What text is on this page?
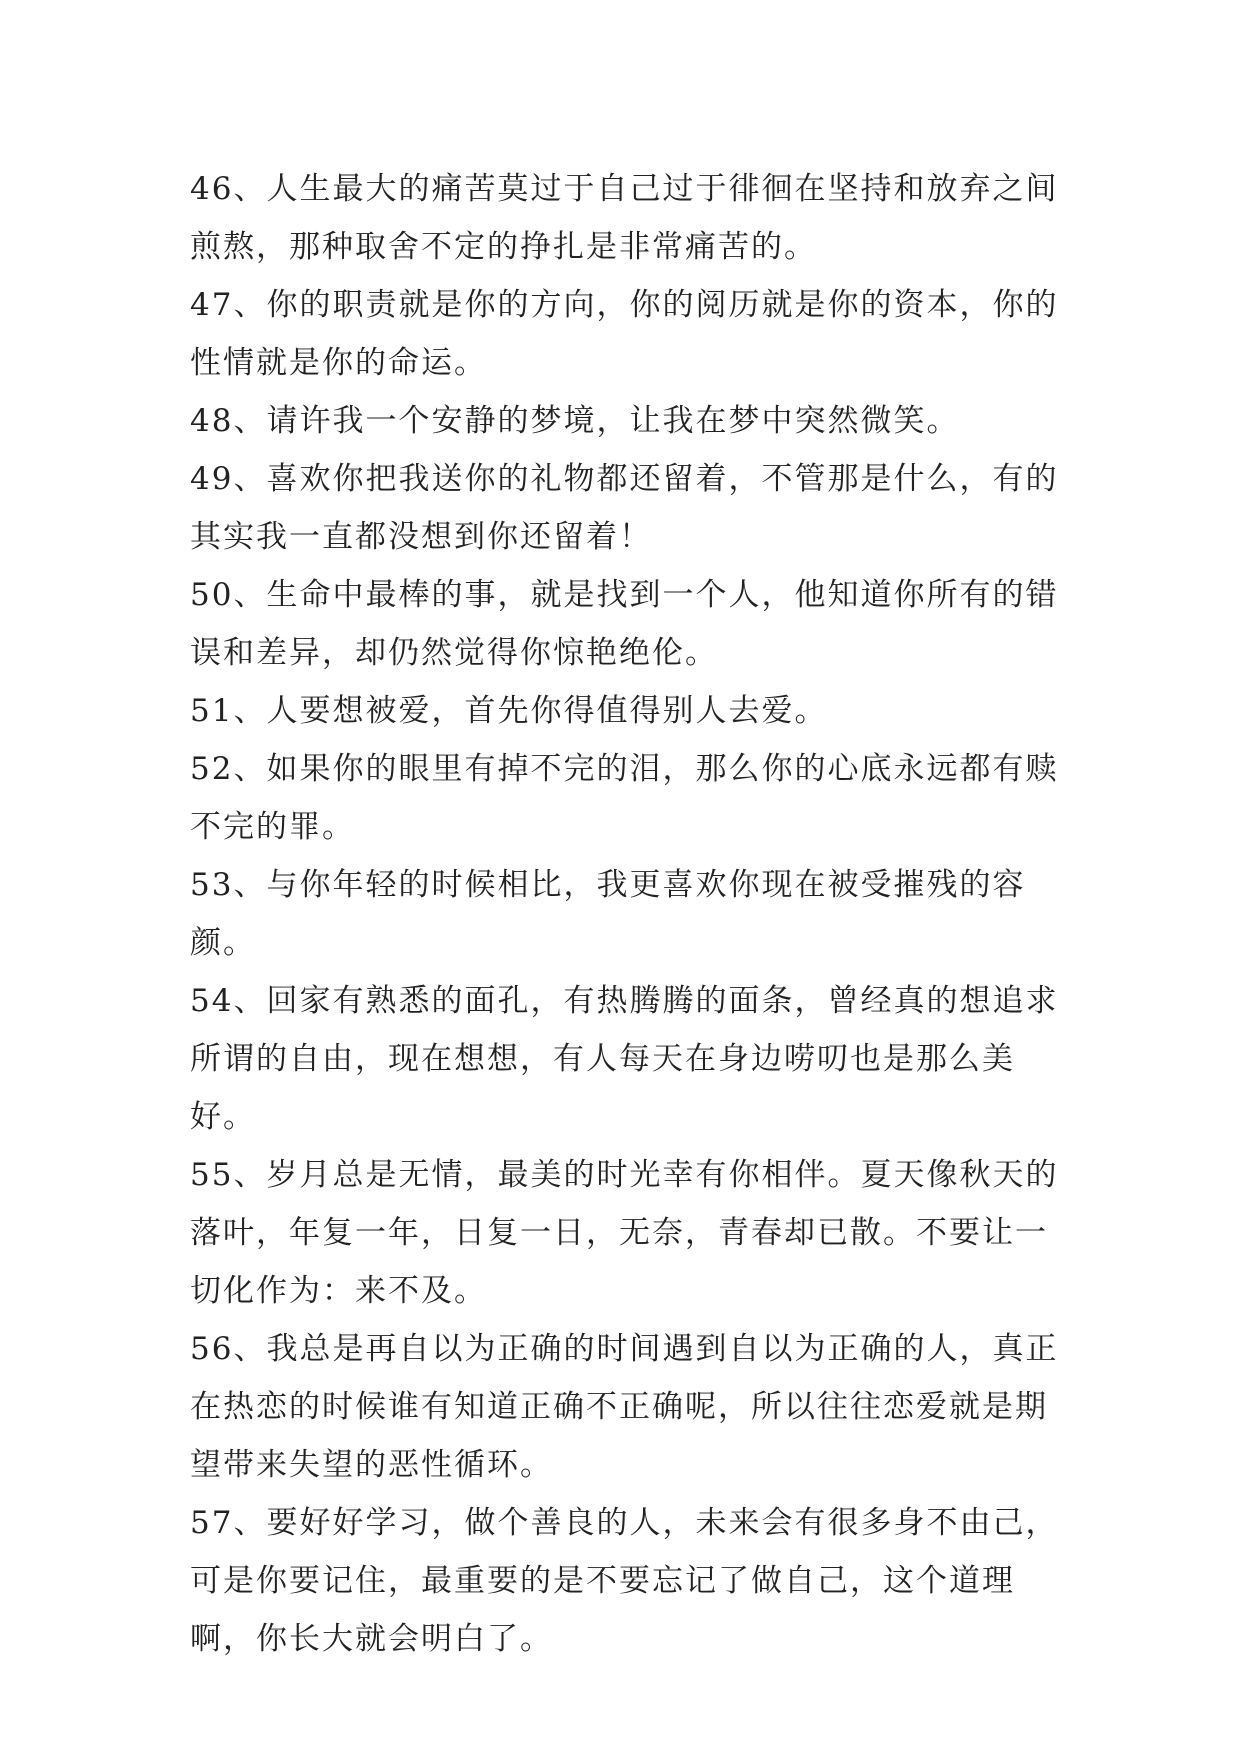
46、人生最大的痛苦莫过于自己过于徘徊在坚持和放弃之间煎熬，那种取舍不定的挣扎是非常痛苦的。

47、你的职责就是你的方向，你的阅历就是你的资本，你的性情就是你的命运。

48、请许我一个安静的梦境，让我在梦中突然微笑。

49、喜欢你把我送你的礼物都还留着，不管那是什么，有的其实我一直都没想到你还留着！

50、生命中最棒的事，就是找到一个人，他知道你所有的错误和差异，却仍然觉得你惊艳绝伦。

51、人要想被爱，首先你得值得别人去爱。

52、如果你的眼里有掉不完的泪，那么你的心底永远都有赎不完的罪。

53、与你年轻的时候相比，我更喜欢你现在被受摧残的容颜。

54、回家有熟悉的面孔，有热腾腾的面条，曾经真的想追求所谓的自由，现在想想，有人每天在身边唠叨也是那么美好。

55、岁月总是无情，最美的时光幸有你相伴。夏天像秋天的落叶，年复一年，日复一日，无奈，青春却已散。不要让一切化作为：来不及。

56、我总是再自以为正确的时间遇到自以为正确的人，真正在热恋的时候谁有知道正确不正确呢，所以往往恋爱就是期望带来失望的恶性循环。

57、要好好学习，做个善良的人，未来会有很多身不由己，可是你要记住，最重要的是不要忘记了做自己，这个道理啊，你长大就会明白了。
